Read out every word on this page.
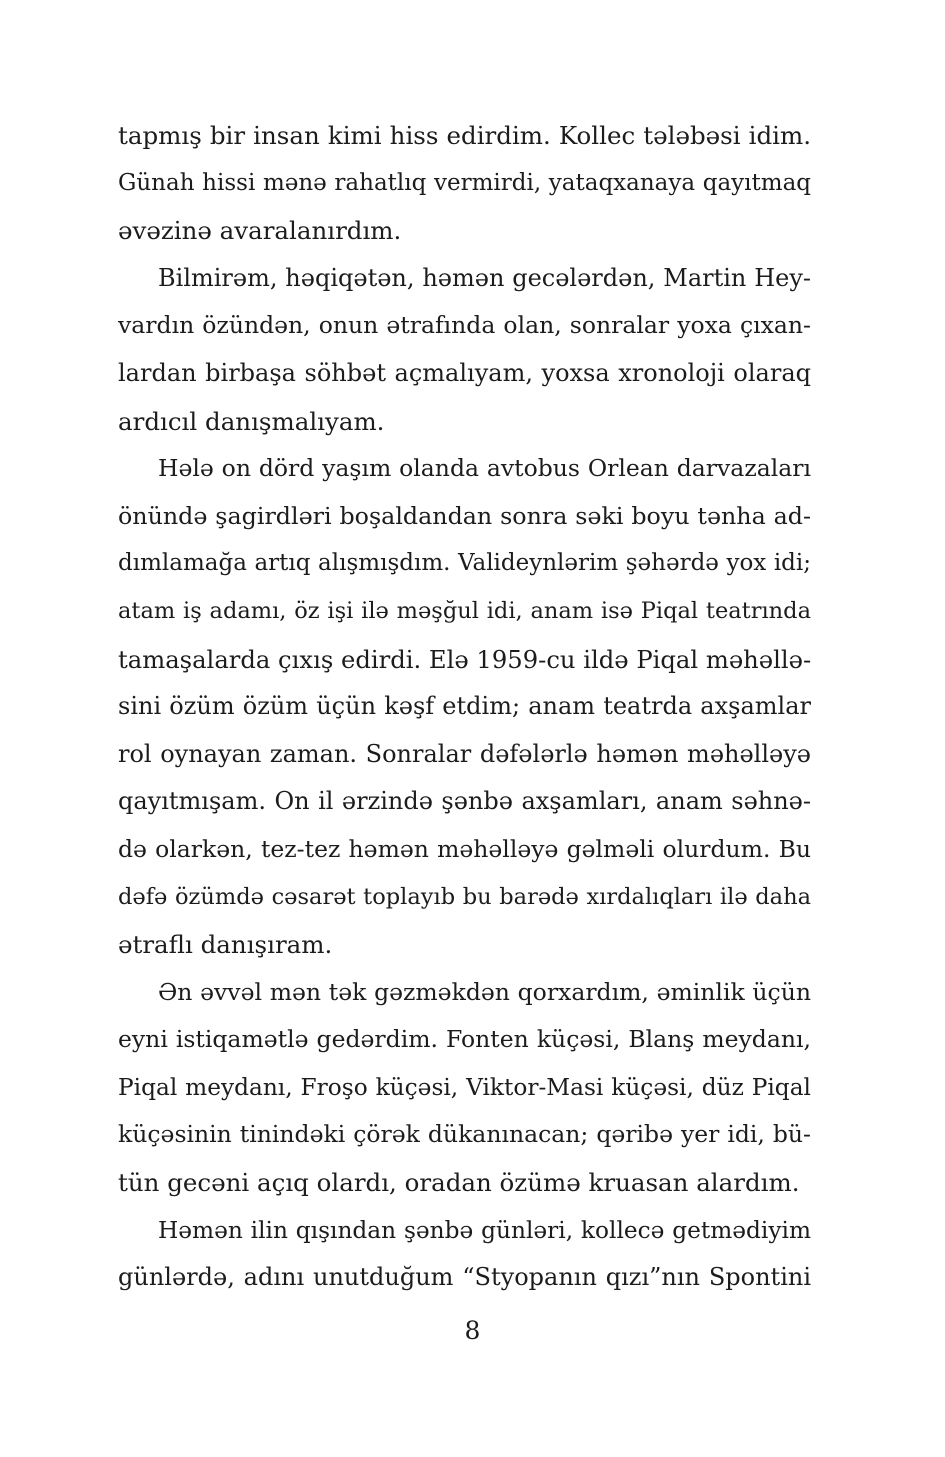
tapmış bir insan kimi hiss edirdim. Kollec tələbəsi idim.
Günah hissi mənə rahatlıq vermirdi, yataqxanaya qayıtmaq
əvəzinə avaralanırdım.
Bilmirəm, həqiqətən, həmən gecələrdən, Martin Hey-
vardın özündən, onun ətrafında olan, sonralar yoxa çıxan-
lardan birbaşa söhbət açmalıyam, yoxsa xronoloji olaraq
ardıcıl danışmalıyam.
Hələ on dörd yaşım olanda avtobus Orlean darvazaları
önündə şagirdləri boşaldandan sonra səki boyu tənha ad-
dımlamağa artıq alışmışdım. Valideynlərim şəhərdə yox idi;
atam iş adamı, öz işi ilə məşğul idi, anam isə Piqal teatrında
tamaşalarda çıxış edirdi. Elə 1959-cu ildə Piqal məhəllə-
sini özüm özüm üçün kəşf etdim; anam teatrda axşamlar
rol oynayan zaman. Sonralar dəfələrlə həmən məhəlləyə
qayıtmışam. On il ərzində şənbə axşamları, anam səhnə-
də olarkən, tez-tez həmən məhəlləyə gəlməli olurdum. Bu
dəfə özümdə cəsarət toplayıb bu barədə xırdalıqları ilə daha
ətraflı danışıram.
Ən əvvəl mən tək gəzməkdən qorxardım, əminlik üçün
eyni istiqamətlə gedərdim. Fonten küçəsi, Blanş meydanı,
Piqal meydanı, Froşo küçəsi, Viktor-Masi küçəsi, düz Piqal
küçəsinin tinindəki çörək dükanınacan; qəribə yer idi, bü-
tün gecəni açıq olardı, oradan özümə kruasan alardım.
Həmən ilin qışından şənbə günləri, kollecə getmədiyim
günlərdə, adını unutduğum “Styopanın qızı”nın Spontini
8
